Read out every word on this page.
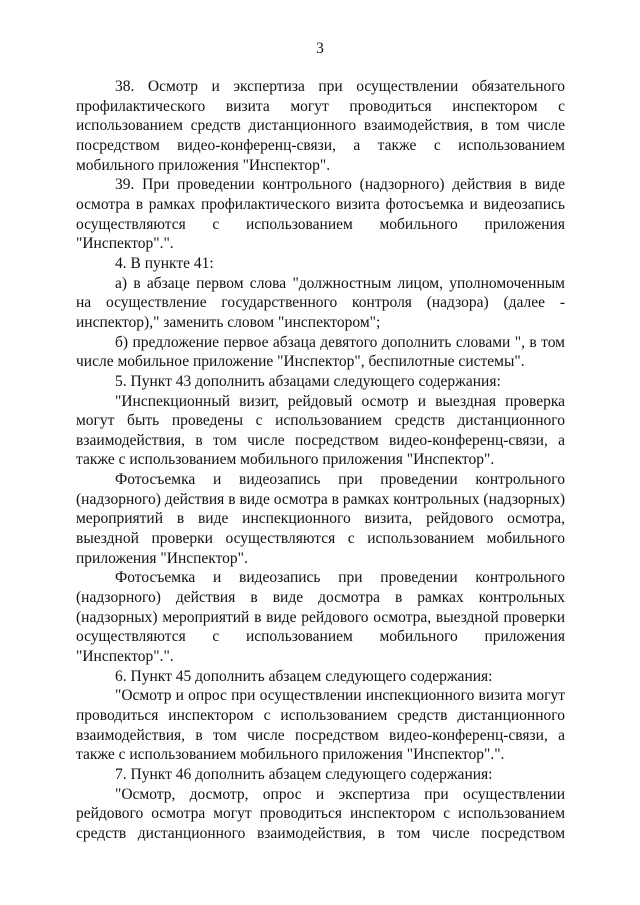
3

38. Осмотр и экспертиза при осуществлении обязательного профилактического визита могут проводиться инспектором с использованием средств дистанционного взаимодействия, в том числе посредством видео-конференц-связи, а также с использованием мобильного приложения "Инспектор".

39. При проведении контрольного (надзорного) действия в виде осмотра в рамках профилактического визита фотосъемка и видеозапись осуществляются с использованием мобильного приложения "Инспектор".".

4. В пункте 41:

а) в абзаце первом слова "должностным лицом, уполномоченным на осуществление государственного контроля (надзора) (далее - инспектор)," заменить словом "инспектором";

б) предложение первое абзаца девятого дополнить словами ", в том числе мобильное приложение "Инспектор", беспилотные системы".

5. Пункт 43 дополнить абзацами следующего содержания:

"Инспекционный визит, рейдовый осмотр и выездная проверка могут быть проведены с использованием средств дистанционного взаимодействия, в том числе посредством видео-конференц-связи, а также с использованием мобильного приложения "Инспектор".

Фотосъемка и видеозапись при проведении контрольного (надзорного) действия в виде осмотра в рамках контрольных (надзорных) мероприятий в виде инспекционного визита, рейдового осмотра, выездной проверки осуществляются с использованием мобильного приложения "Инспектор".

Фотосъемка и видеозапись при проведении контрольного (надзорного) действия в виде досмотра в рамках контрольных (надзорных) мероприятий в виде рейдового осмотра, выездной проверки осуществляются с использованием мобильного приложения "Инспектор".".

6. Пункт 45 дополнить абзацем следующего содержания:

"Осмотр и опрос при осуществлении инспекционного визита могут проводиться инспектором с использованием средств дистанционного взаимодействия, в том числе посредством видео-конференц-связи, а также с использованием мобильного приложения "Инспектор".".

7. Пункт 46 дополнить абзацем следующего содержания:

"Осмотр, досмотр, опрос и экспертиза при осуществлении рейдового осмотра могут проводиться инспектором с использованием средств дистанционного взаимодействия, в том числе посредством
